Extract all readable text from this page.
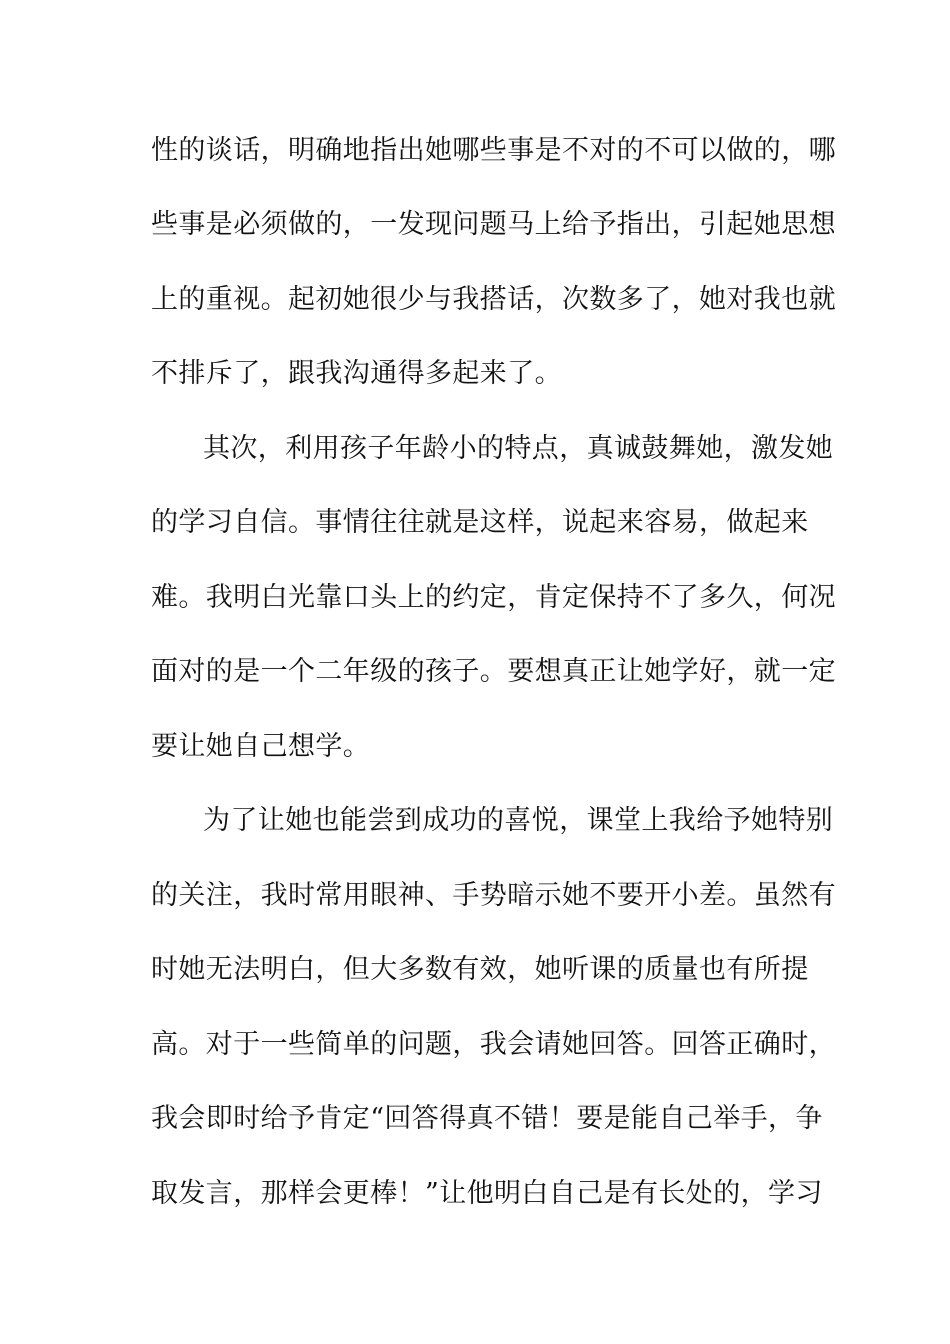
性的谈话，明确地指出她哪些事是不对的不可以做的，哪
些事是必须做的，一发现问题马上给予指出，引起她思想
上的重视。起初她很少与我搭话，次数多了，她对我也就
不排斥了，跟我沟通得多起来了。
其次，利用孩子年龄小的特点，真诚鼓舞她，激发她
的学习自信。事情往往就是这样，说起来容易，做起来
难。我明白光靠口头上的约定，肯定保持不了多久，何况
面对的是一个二年级的孩子。要想真正让她学好，就一定
要让她自己想学。
为了让她也能尝到成功的喜悦，课堂上我给予她特别
的关注，我时常用眼神、手势暗示她不要开小差。虽然有
时她无法明白，但大多数有效，她听课的质量也有所提
高。对于一些简单的问题，我会请她回答。回答正确时，
我会即时给予肯定“回答得真不错！要是能自己举手，争
取发言，那样会更棒！”让他明白自己是有长处的，学习
